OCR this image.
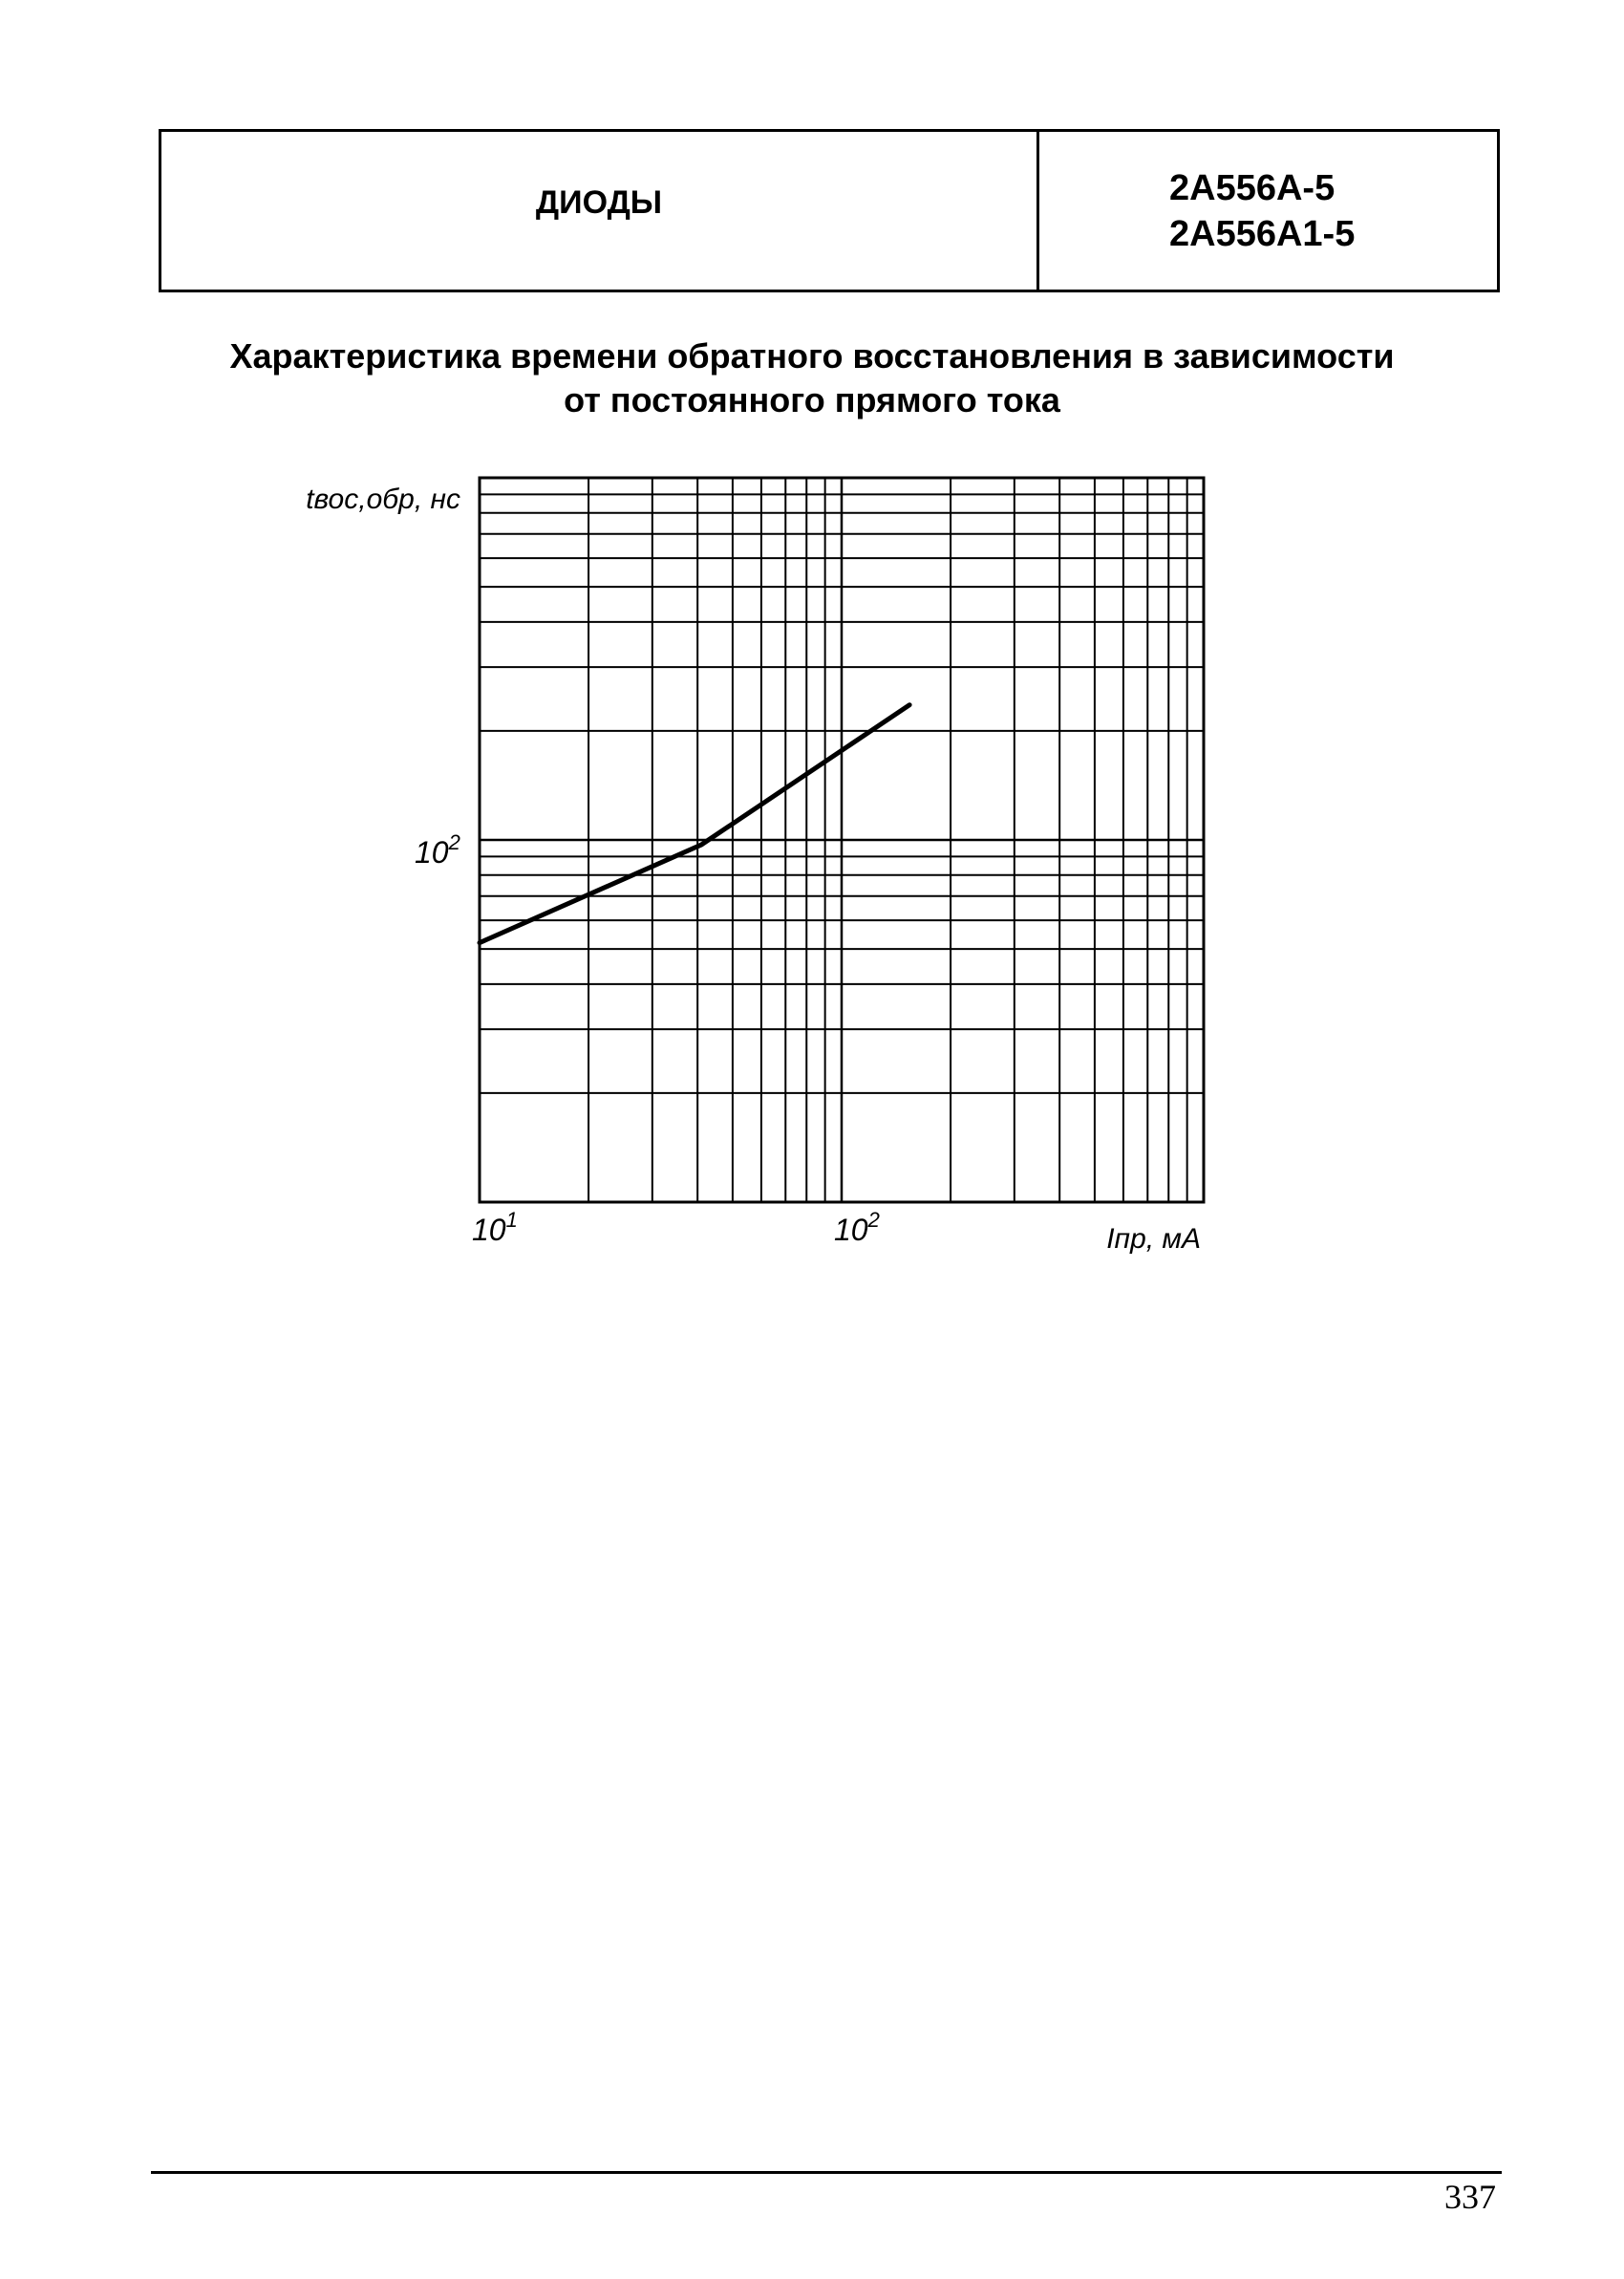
ДИОДЫ	2А556А-5
2А556А1-5
Характеристика времени обратного восстановления в зависимости
от постоянного прямого тока
$10^1$	$10^2$
$10^2$
Iпр, мА
tвос,обр, нс
337
